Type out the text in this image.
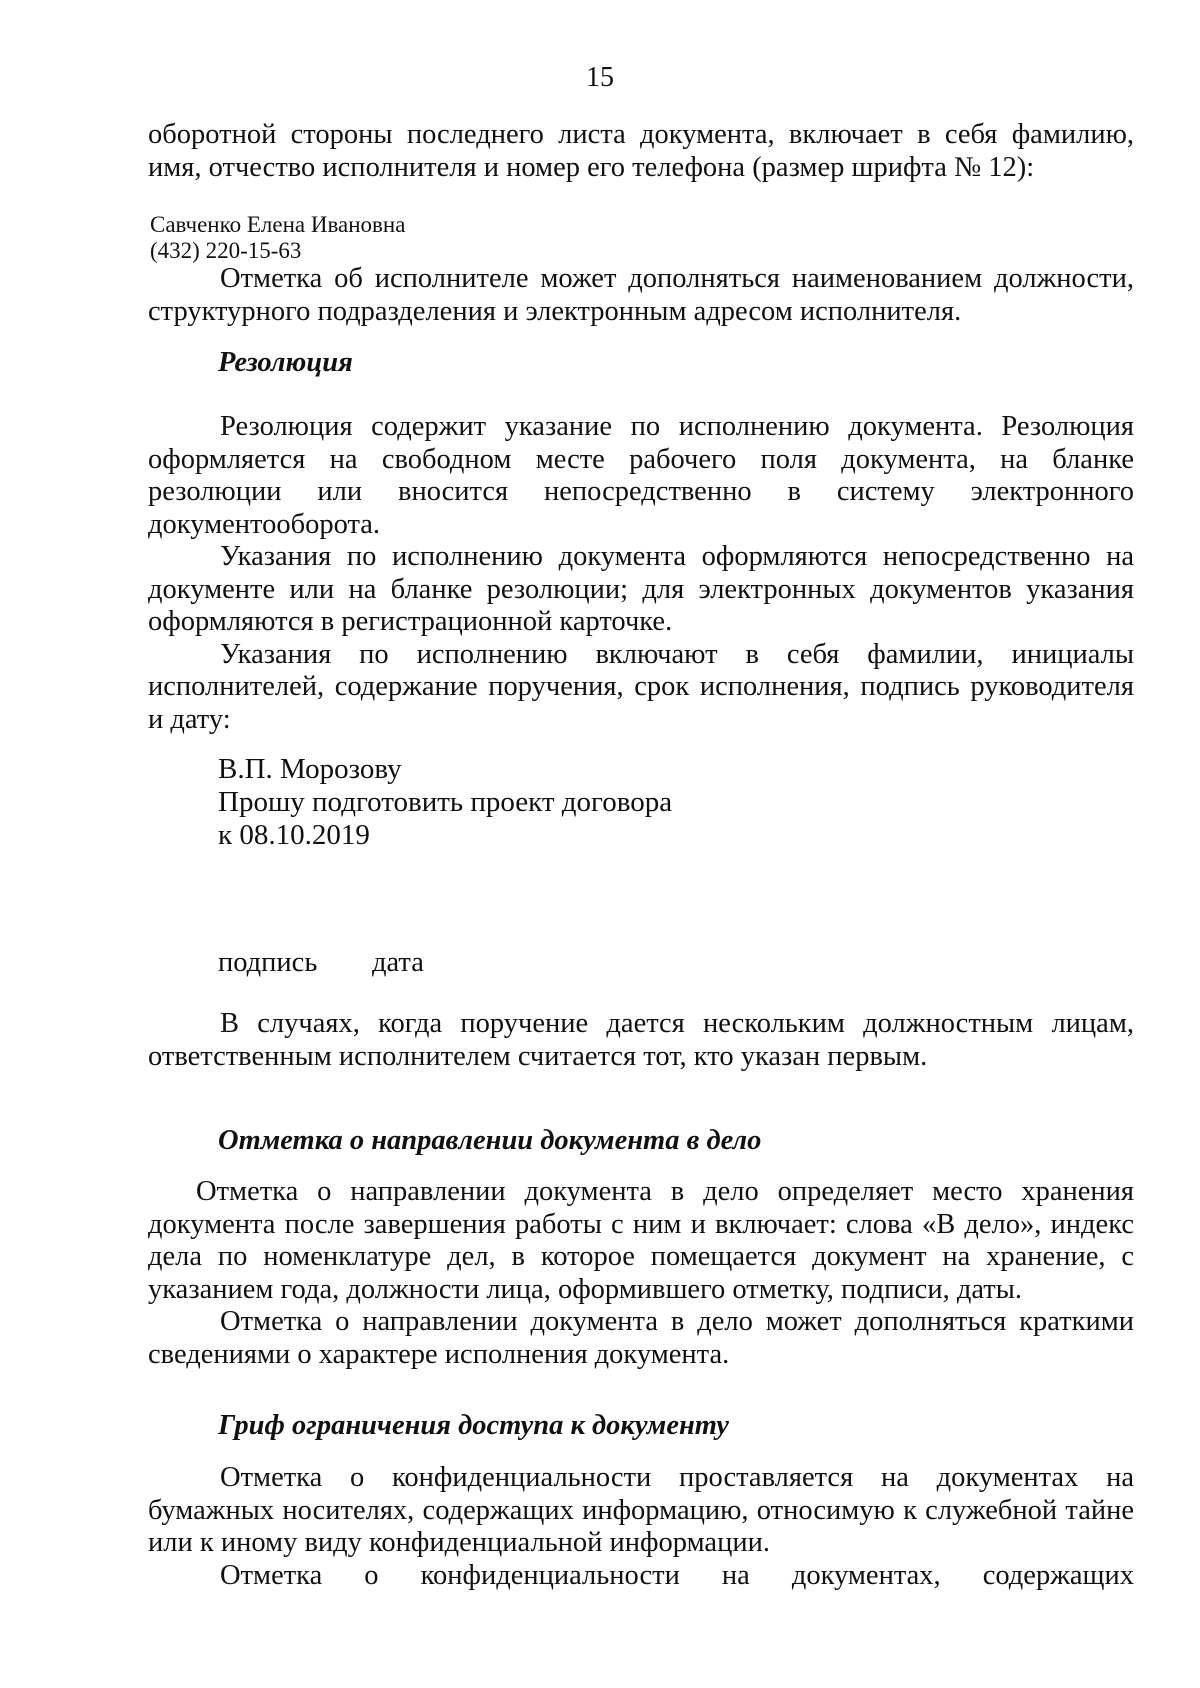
15

оборотной стороны последнего листа документа, включает в себя фамилию,

имя, отчество исполнителя и номер его телефона (размер шрифта № 12):

Савченко Елена Ивановна
(432) 220-15-63

Отметка об исполнителе может дополняться наименованием должности,

структурного подразделения и электронным адресом исполнителя.

Резолюция

Резолюция содержит указание по исполнению документа. Резолюция оформляется на свободном месте рабочего поля документа, на бланке резолюции или вносится непосредственно в систему электронного документооборота.

Указания по исполнению документа оформляются непосредственно на документе или на бланке резолюции; для электронных документов указания оформляются в регистрационной карточке.

Указания по исполнению включают в себя фамилии, инициалы исполнителей, содержание поручения, срок исполнения, подпись руководителя и дату:

В.П. Морозову
Прошу подготовить проект договора
к 08.10.2019
подпись дата

В случаях, когда поручение дается нескольким должностным лицам, ответственным исполнителем считается тот, кто указан первым.

Отметка о направлении документа в дело

Отметка о направлении документа в дело определяет место хранения документа после завершения работы с ним и включает: слова «В дело», индекс дела по номенклатуре дел, в которое помещается документ на хранение, с указанием года, должности лица, оформившего отметку, подписи, даты.

Отметка о направлении документа в дело может дополняться краткими сведениями о характере исполнения документа.

Гриф ограничения доступа к документу

Отметка о конфиденциальности проставляется на документах на бумажных носителях, содержащих информацию, относимую к служебной тайне или к иному виду конфиденциальной информации.

Отметка о конфиденциальности на документах, содержащих
